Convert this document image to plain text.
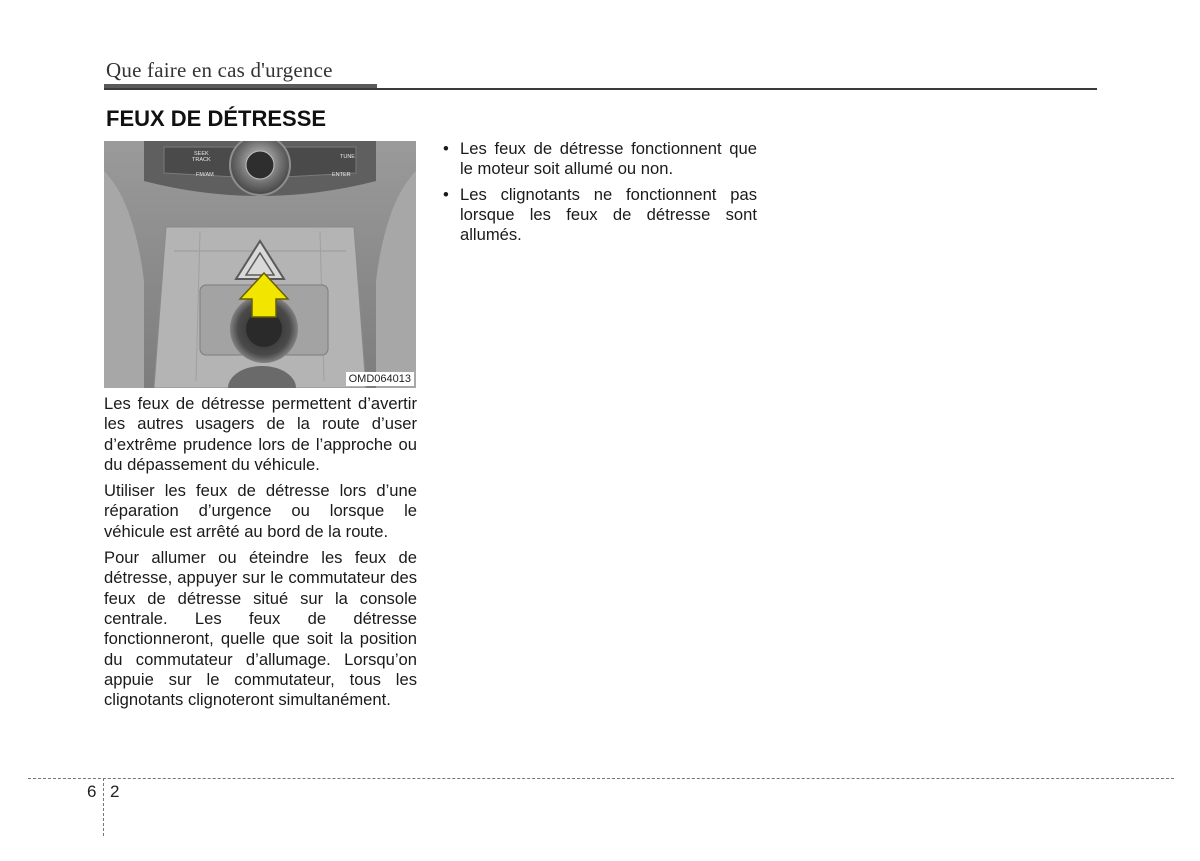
Que faire en cas d'urgence
FEUX DE DÉTRESSE
SEEK
TRACK
FM/AM
TUNE
ENTER
OMD064013

Les feux de détresse permettent d’avertir les autres usagers de la route d’user d’extrême prudence lors de l’approche ou du dépassement du véhicule.

Utiliser les feux de détresse lors d’une réparation d’urgence ou lorsque le véhicule est arrêté au bord de la route.

Pour allumer ou éteindre les feux de détresse, appuyer sur le commutateur des feux de détresse situé sur la console centrale. Les feux de détresse fonctionneront, quelle que soit la position du commutateur d’allumage. Lorsqu’on appuie sur le commutateur, tous les clignotants clignoteront simultanément.

• Les feux de détresse fonctionnent que le moteur soit allumé ou non.
• Les clignotants ne fonctionnent pas lorsque les feux de détresse sont allumés.
6 2
